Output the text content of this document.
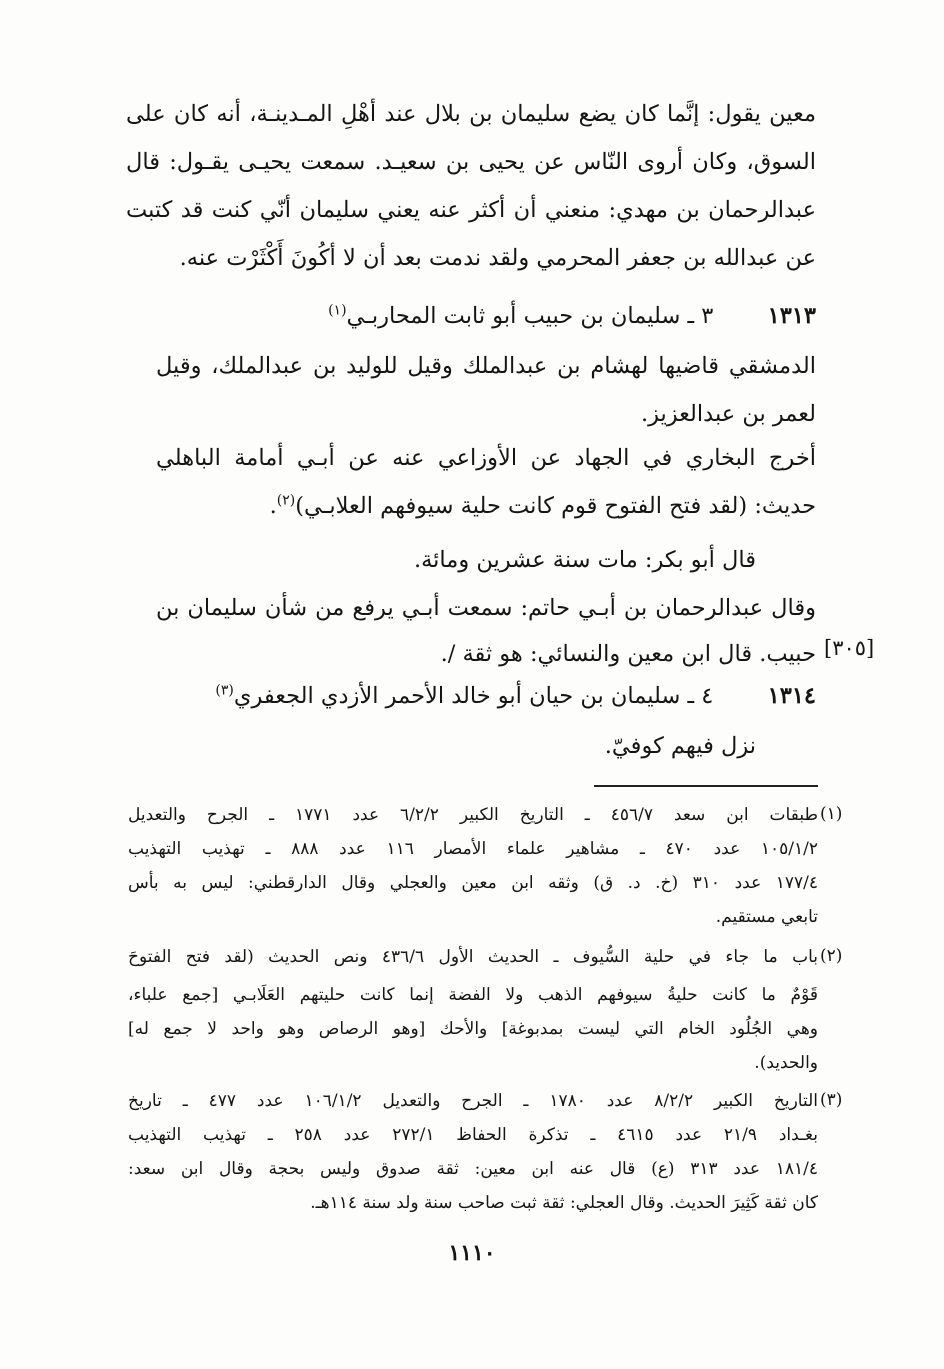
معين يقول: إنَّما كان يضع سليمان بن بلال عند أهْلِ المـدينـة، أنه كان على
السوق، وكان أروى النّاس عن يحيى بن سعيـد. سمعت يحيـى يقـول: قال
عبدالرحمان بن مهدي: منعني أن أكثر عنه يعني سليمان أنّي كنت قد كتبت
عن عبدالله بن جعفر المحرمي ولقد ندمت بعد أن لا أكُونَ أَكْثَرْت عنه.
١٣١٣  ٣ ـ سليمان بن حبيب أبو ثابت المحاربـي$^{(١)}$
الدمشقي قاضيها لهشام بن عبدالملك وقيل للوليد بن عبدالملك، وقيل
لعمر بن عبدالعزيز.
أخرج البخاري في الجهاد عن الأوزاعي عنه عن أبـي أمامة الباهلي
حديث: (لقد فتح الفتوح قوم كانت حلية سيوفهم العلابـي)$^{(٢)}$.
قال أبو بكر: مات سنة عشرين ومائة.
وقال عبدالرحمان بن أبـي حاتم: سمعت أبـي يرفع من شأن سليمان بن
حبيب. قال ابن معين والنسائي: هو ثقة /. [٣٠٥]
١٣١٤  ٤ ـ سليمان بن حيان أبو خالد الأحمر الأزدي الجعفري$^{(٣)}$
نزل فيهم كوفيّ.
(١)
طبقات ابن سعد ٤٥٦/٧ ـ التاريخ الكبير ٦/٢/٢ عدد ١٧٧١ ـ الجرح والتعديل
١٠٥/١/٢ عدد ٤٧٠ ـ مشاهير علماء الأمصار ١١٦ عدد ٨٨٨ ـ تهذيب التهذيب
١٧٧/٤ عدد ٣١٠ (خ. د. ق) وثقه ابن معين والعجلي وقال الدارقطني: ليس به بأس
تابعي مستقيم.
(٢)
باب ما جاء في حلية السُّيوف ـ الحديث الأول ٤٣٦/٦ ونص الحديث (لقد فتح الفتوحَ
قَوْمٌ ما كانت حليةُ سيوفهم الذهب ولا الفضة إنما كانت حليتهم العَلَابـي [جمع علباء،
وهي الجُلُود الخام التي ليست بمدبوغة] والأحك [وهو الرصاص وهو واحد لا جمع له]
والحديد).
(٣)
التاريخ الكبير ٨/٢/٢ عدد ١٧٨٠ ـ الجرح والتعديل ١٠٦/١/٢ عدد ٤٧٧ ـ تاريخ
بغـداد ٢١/٩ عدد ٤٦١٥ ـ تذكرة الحفاظ ٢٧٢/١ عدد ٢٥٨ ـ تهذيب التهذيب
١٨١/٤ عدد ٣١٣ (ع) قال عنه ابن معين: ثقة صدوق وليس بحجة وقال ابن سعد:
كان ثقة كَثِيرَ الحديث. وقال العجلي: ثقة ثبت صاحب سنة ولد سنة ١١٤هـ.
١١١٠
